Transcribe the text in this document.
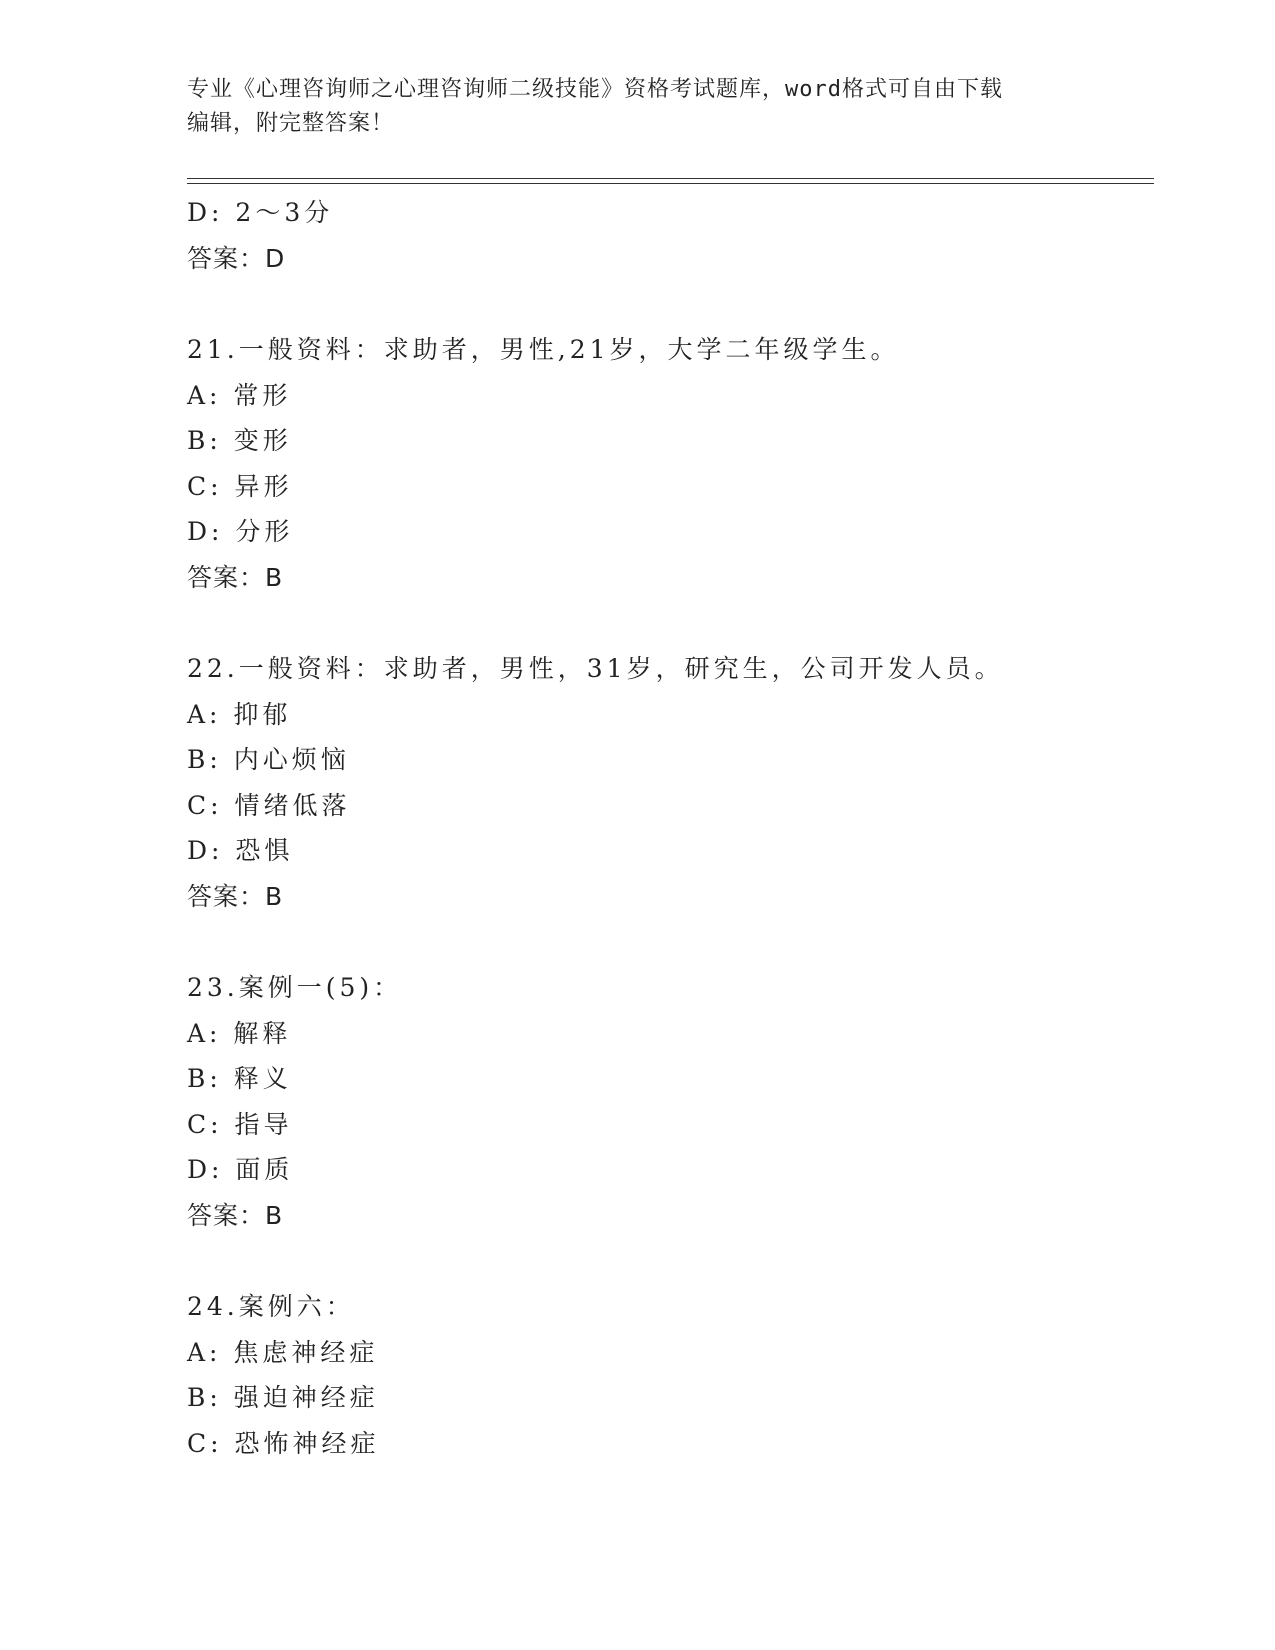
专业《心理咨询师之心理咨询师二级技能》资格考试题库，word格式可自由下载
编辑，附完整答案！
D: 2～3分
答案：D
21.一般资料：求助者，男性,21岁，大学二年级学生。
A: 常形
B: 变形
C: 异形
D: 分形
答案：B
22.一般资料：求助者，男性，31岁，研究生，公司开发人员。
A: 抑郁
B: 内心烦恼
C: 情绪低落
D: 恐惧
答案：B
23.案例一(5)：
A: 解释
B: 释义
C: 指导
D: 面质
答案：B
24.案例六：
A: 焦虑神经症
B: 强迫神经症
C: 恐怖神经症
